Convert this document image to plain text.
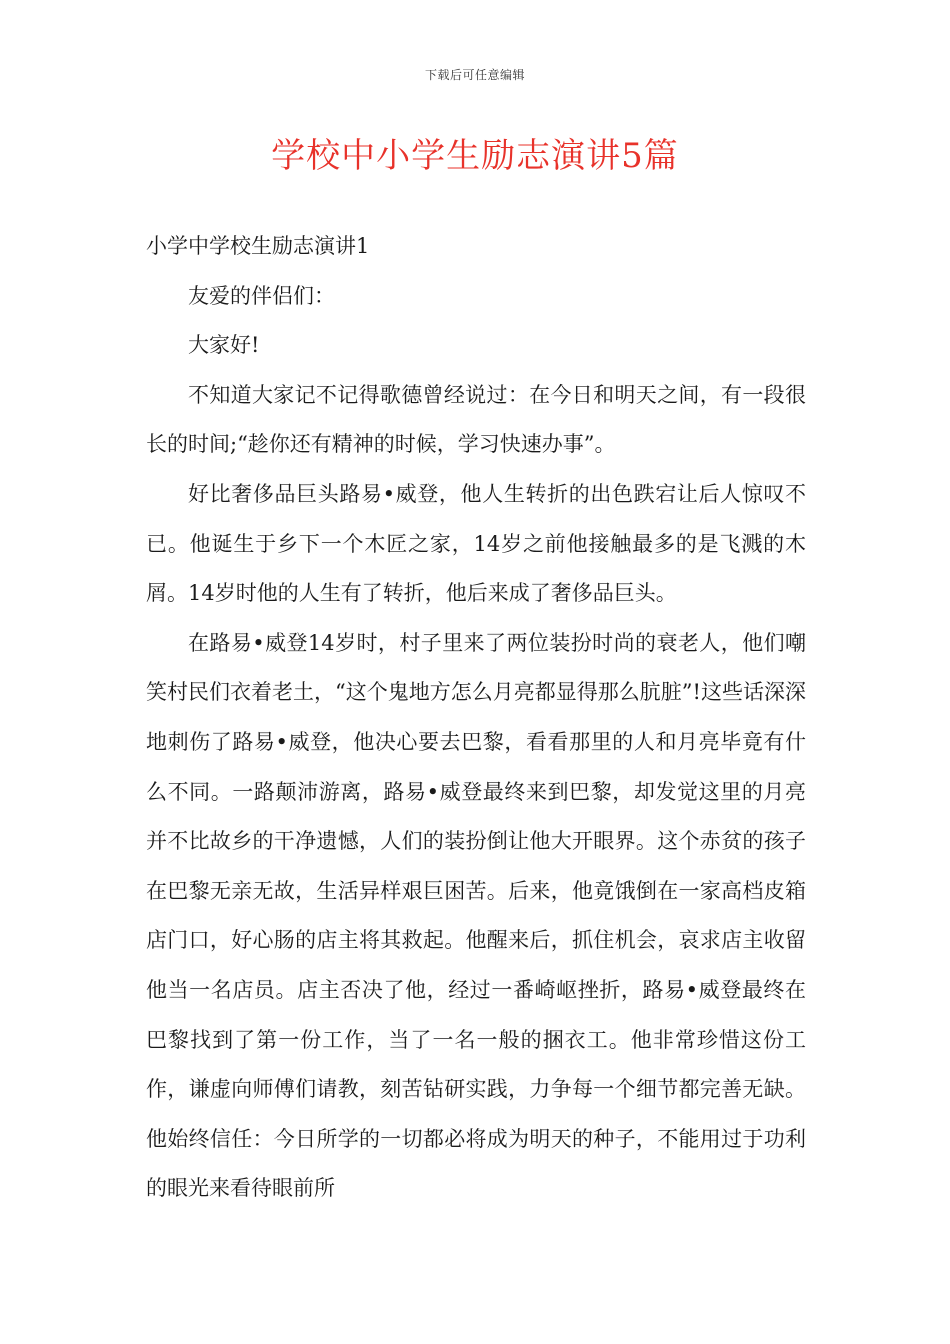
下载后可任意编辑
学校中小学生励志演讲5篇

小学中学校生励志演讲1

友爱的伴侣们：

大家好!

不知道大家记不记得歌德曾经说过：在今日和明天之间，有一段很长的时间;“趁你还有精神的时候，学习快速办事”。

好比奢侈品巨头路易•威登，他人生转折的出色跌宕让后人惊叹不已。他诞生于乡下一个木匠之家，14岁之前他接触最多的是飞溅的木屑。14岁时他的人生有了转折，他后来成了奢侈品巨头。

在路易•威登14岁时，村子里来了两位装扮时尚的衰老人，他们嘲笑村民们衣着老土，“这个鬼地方怎么月亮都显得那么肮脏”!这些话深深地刺伤了路易•威登，他决心要去巴黎，看看那里的人和月亮毕竟有什么不同。一路颠沛游离，路易•威登最终来到巴黎，却发觉这里的月亮并不比故乡的干净遗憾，人们的装扮倒让他大开眼界。这个赤贫的孩子在巴黎无亲无故，生活异样艰巨困苦。后来，他竟饿倒在一家高档皮箱店门口，好心肠的店主将其救起。他醒来后，抓住机会，哀求店主收留他当一名店员。店主否决了他，经过一番崎岖挫折，路易•威登最终在巴黎找到了第一份工作，当了一名一般的捆衣工。他非常珍惜这份工作，谦虚向师傅们请教，刻苦钻研实践，力争每一个细节都完善无缺。他始终信任：今日所学的一切都必将成为明天的种子，不能用过于功利的眼光来看待眼前所
